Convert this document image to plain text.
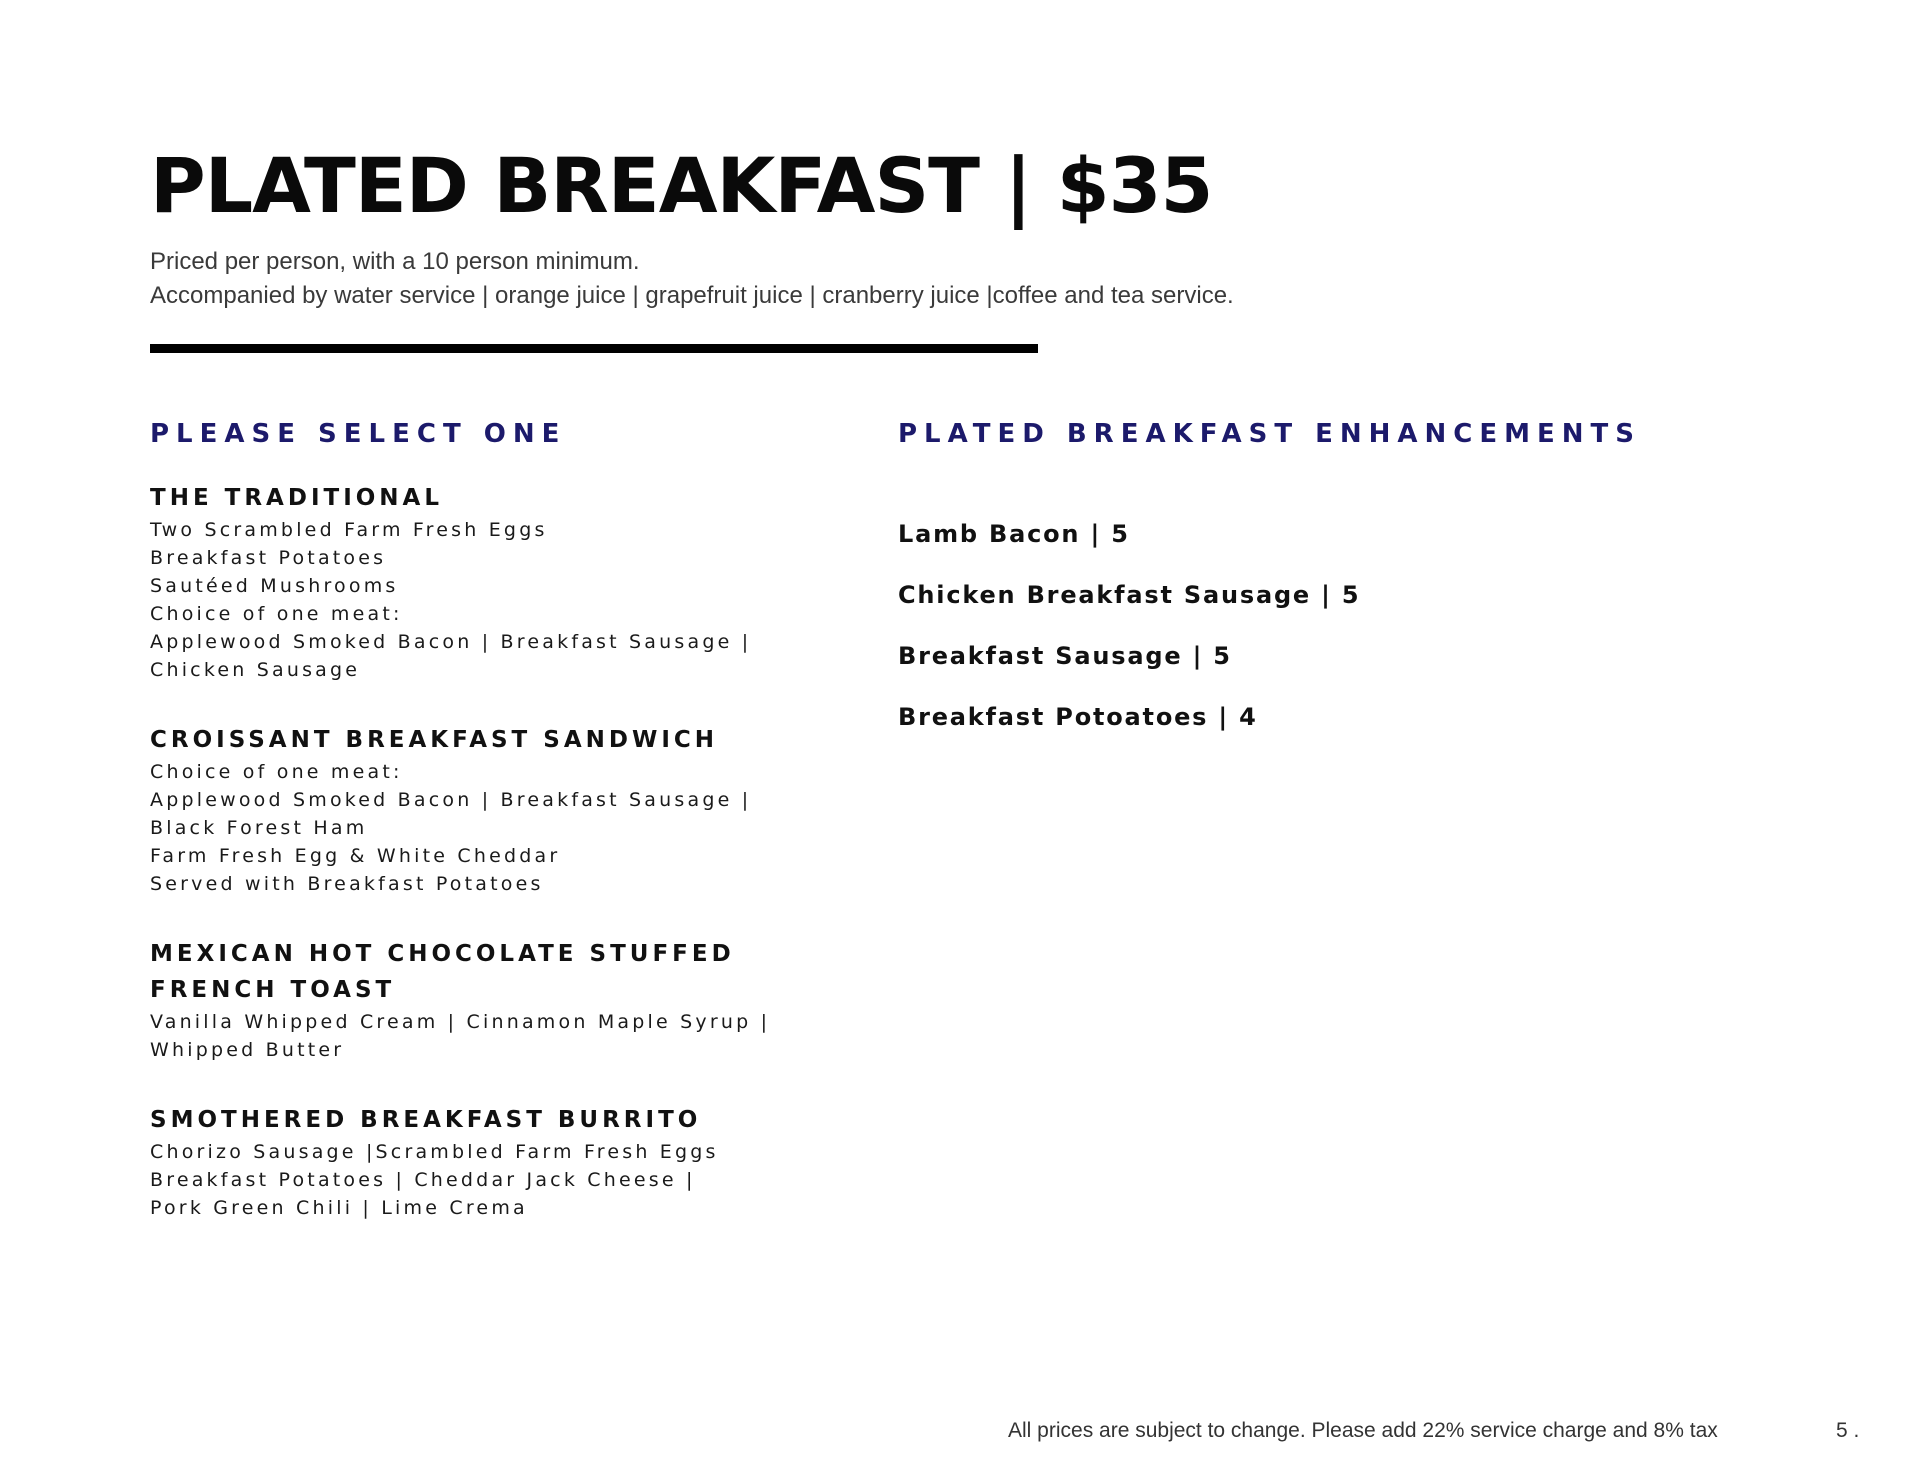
PLATED BREAKFAST | $35
Priced per person, with a 10 person minimum.
Accompanied by water service | orange juice | grapefruit juice | cranberry juice |coffee and tea service.
PLEASE SELECT ONE
THE TRADITIONAL

Two Scrambled Farm Fresh Eggs

Breakfast Potatoes

Sautéed Mushrooms

Choice of one meat:

Applewood Smoked Bacon | Breakfast Sausage |

Chicken Sausage

CROISSANT BREAKFAST SANDWICH

Choice of one meat:

Applewood Smoked Bacon | Breakfast Sausage |

Black Forest Ham

Farm Fresh Egg & White Cheddar

Served with Breakfast Potatoes

MEXICAN HOT CHOCOLATE STUFFED
FRENCH TOAST

Vanilla Whipped Cream | Cinnamon Maple Syrup |

Whipped Butter

SMOTHERED BREAKFAST BURRITO

Chorizo Sausage |Scrambled Farm Fresh Eggs

Breakfast Potatoes | Cheddar Jack Cheese |

Pork Green Chili | Lime Crema

PLATED BREAKFAST ENHANCEMENTS

Lamb Bacon | 5

Chicken Breakfast Sausage | 5

Breakfast Sausage | 5

Breakfast Potoatoes | 4

All prices are subject to change. Please add 22% service charge and 8% tax	5 .
